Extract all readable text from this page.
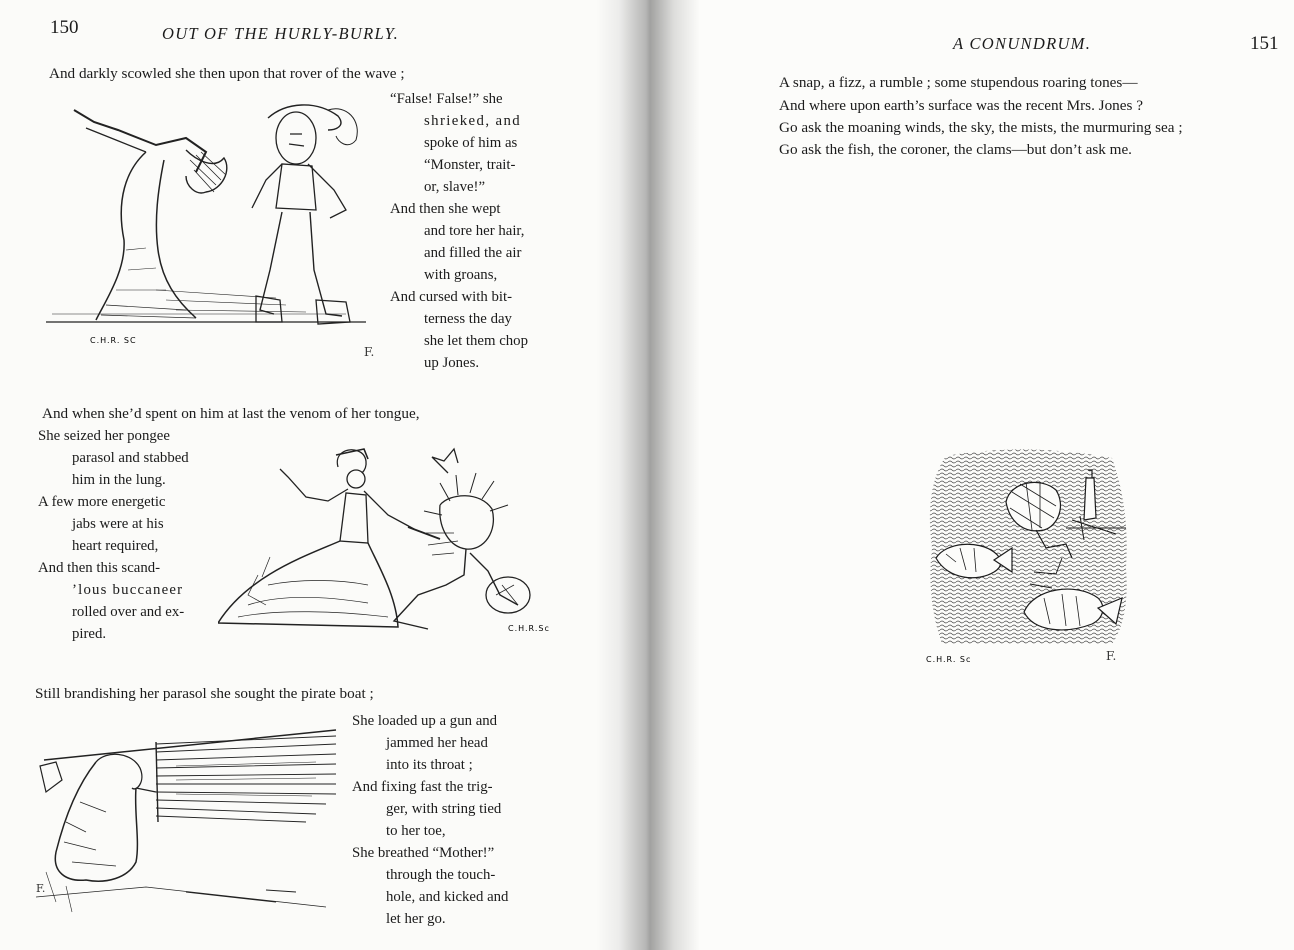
150	OUT OF THE HURLY-BURLY.
And darkly scowled she then upon that rover of the wave ;
C.H.R. SC
F.
“False! False!” she
shrieked, and
spoke of him as
“Monster, trait-
or, slave!”
And then she wept
and tore her hair,
and filled the air
with groans,
And cursed with bit-
terness the day
she let them chop
up Jones.
And when she’d spent on him at last the venom of her tongue,
She seized her pongee
parasol and stabbed
him in the lung.
A few more energetic
jabs were at his
heart required,
And then this scand-
’lous buccaneer
rolled over and ex-
pired.	C.H.R.Sc
Still brandishing her parasol she sought the pirate boat ;
F.
She loaded up a gun and
jammed her head
into its throat ;
And fixing fast the trig-
ger, with string tied
to her toe,
She breathed “Mother!”
through the touch-
hole, and kicked and
let her go.
A CONUNDRUM.	151
A snap, a fizz, a rumble ; some stupendous roaring tones—
And where upon earth’s surface was the recent Mrs. Jones ?
Go ask the moaning winds, the sky, the mists, the murmuring sea ;
Go ask the fish, the coroner, the clams—but don’t ask me.
C.H.R. Sc	F.
